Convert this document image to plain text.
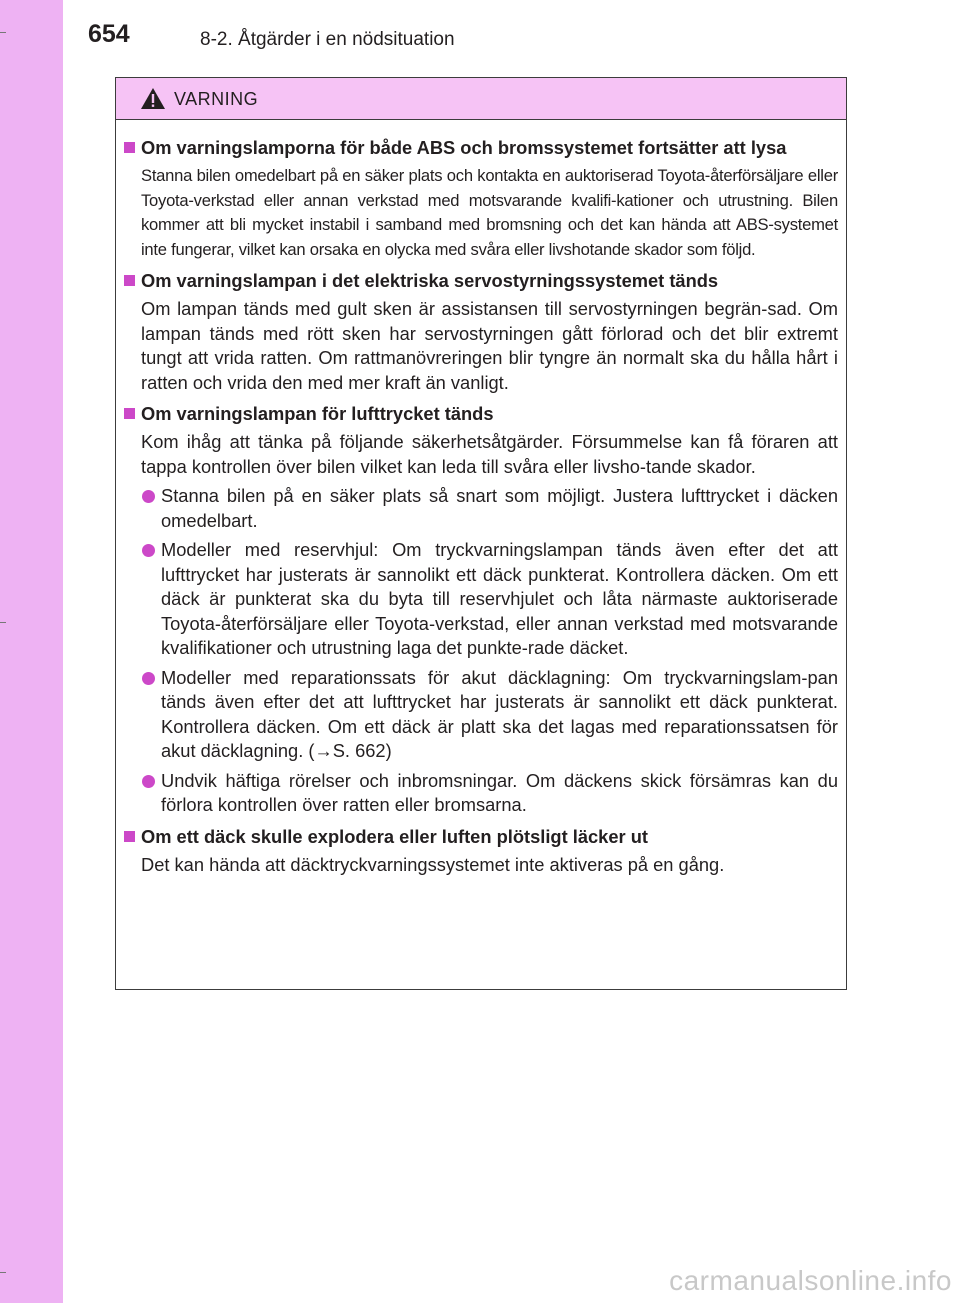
654	8-2. Åtgärder i en nödsituation
VARNING
Om varningslamporna för både ABS och bromssystemet fortsätter att lysa
Stanna bilen omedelbart på en säker plats och kontakta en auktoriserad Toyota-återförsäljare eller Toyota-verkstad eller annan verkstad med motsvarande kvalifi-kationer och utrustning. Bilen kommer att bli mycket instabil i samband med bromsning och det kan hända att ABS-systemet inte fungerar, vilket kan orsaka en olycka med svåra eller livshotande skador som följd.
Om varningslampan i det elektriska servostyrningssystemet tänds
Om lampan tänds med gult sken är assistansen till servostyrningen begrän-sad. Om lampan tänds med rött sken har servostyrningen gått förlorad och det blir extremt tungt att vrida ratten. Om rattmanövreringen blir tyngre än normalt ska du hålla hårt i ratten och vrida den med mer kraft än vanligt.
Om varningslampan för lufttrycket tänds
Kom ihåg att tänka på följande säkerhetsåtgärder. Försummelse kan få föraren att tappa kontrollen över bilen vilket kan leda till svåra eller livsho-tande skador.
Stanna bilen på en säker plats så snart som möjligt. Justera lufttrycket i däcken omedelbart.
Modeller med reservhjul: Om tryckvarningslampan tänds även efter det att lufttrycket har justerats är sannolikt ett däck punkterat. Kontrollera däcken. Om ett däck är punkterat ska du byta till reservhjulet och låta närmaste auktoriserade Toyota-återförsäljare eller Toyota-verkstad, eller annan verkstad med motsvarande kvalifikationer och utrustning laga det punkte-rade däcket.
Modeller med reparationssats för akut däcklagning: Om tryckvarningslam-pan tänds även efter det att lufttrycket har justerats är sannolikt ett däck punkterat. Kontrollera däcken. Om ett däck är platt ska det lagas med reparationssatsen för akut däcklagning. (→S. 662)
Undvik häftiga rörelser och inbromsningar. Om däckens skick försämras kan du förlora kontrollen över ratten eller bromsarna.
Om ett däck skulle explodera eller luften plötsligt läcker ut
Det kan hända att däcktryckvarningssystemet inte aktiveras på en gång.
carmanualsonline.info
